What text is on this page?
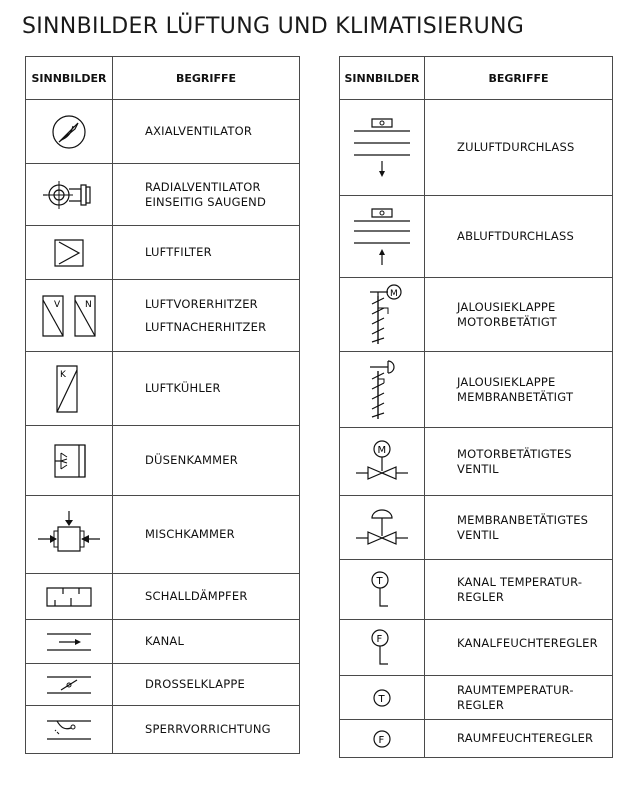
SINNBILDER LÜFTUNG UND KLIMATISIERUNG
SINNBILDER	BEGRIFFE

AXIALVENTILATOR

RADIALVENTILATOR
EINSEITIG SAUGEND

LUFTFILTER

V N	LUFTVORERHITZER
LUFTNACHERHITZER

K	LUFTKÜHLER

DÜSENKAMMER

MISCHKAMMER

SCHALLDÄMPFER

KANAL

DROSSELKLAPPE

SPERRVORRICHTUNG
SINNBILDER	BEGRIFFE

ZULUFTDURCHLASS

ABLUFTDURCHLASS

M	JALOUSIEKLAPPE
MOTORBETÄTIGT

JALOUSIEKLAPPE
MEMBRANBETÄTIGT

M	MOTORBETÄTIGTES
VENTIL

MEMBRANBETÄTIGTES
VENTIL

T	KANAL TEMPERATUR-
REGLER

F	KANALFEUCHTEREGLER

T	RAUMTEMPERATUR-
REGLER

F	RAUMFEUCHTEREGLER
